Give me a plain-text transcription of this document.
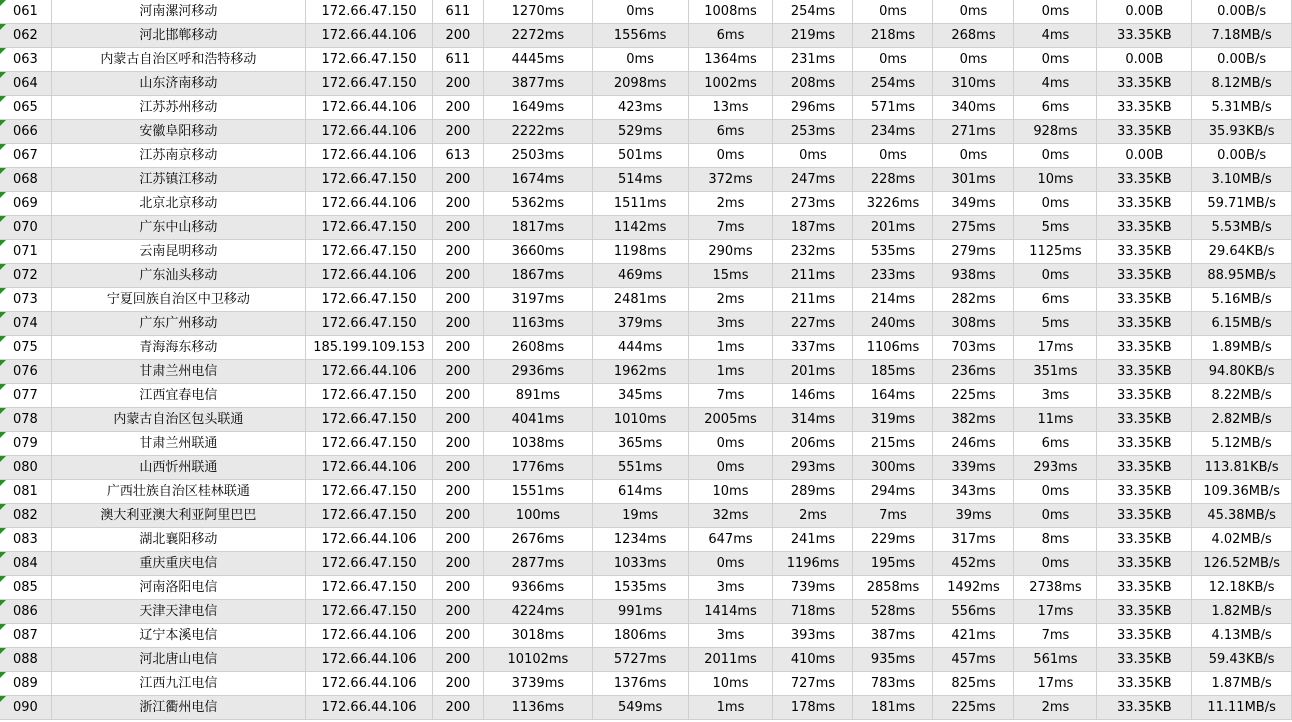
061	河南漯河移动	172.66.47.150	611	1270ms	0ms	1008ms	254ms	0ms	0ms	0ms	0.00B	0.00B/s
062	河北邯郸移动	172.66.44.106	200	2272ms	1556ms	6ms	219ms	218ms	268ms	4ms	33.35KB	7.18MB/s
063	内蒙古自治区呼和浩特移动	172.66.47.150	611	4445ms	0ms	1364ms	231ms	0ms	0ms	0ms	0.00B	0.00B/s
064	山东济南移动	172.66.47.150	200	3877ms	2098ms	1002ms	208ms	254ms	310ms	4ms	33.35KB	8.12MB/s
065	江苏苏州移动	172.66.44.106	200	1649ms	423ms	13ms	296ms	571ms	340ms	6ms	33.35KB	5.31MB/s
066	安徽阜阳移动	172.66.44.106	200	2222ms	529ms	6ms	253ms	234ms	271ms	928ms	33.35KB	35.93KB/s
067	江苏南京移动	172.66.44.106	613	2503ms	501ms	0ms	0ms	0ms	0ms	0ms	0.00B	0.00B/s
068	江苏镇江移动	172.66.47.150	200	1674ms	514ms	372ms	247ms	228ms	301ms	10ms	33.35KB	3.10MB/s
069	北京北京移动	172.66.44.106	200	5362ms	1511ms	2ms	273ms	3226ms	349ms	0ms	33.35KB	59.71MB/s
070	广东中山移动	172.66.47.150	200	1817ms	1142ms	7ms	187ms	201ms	275ms	5ms	33.35KB	5.53MB/s
071	云南昆明移动	172.66.47.150	200	3660ms	1198ms	290ms	232ms	535ms	279ms	1125ms	33.35KB	29.64KB/s
072	广东汕头移动	172.66.44.106	200	1867ms	469ms	15ms	211ms	233ms	938ms	0ms	33.35KB	88.95MB/s
073	宁夏回族自治区中卫移动	172.66.47.150	200	3197ms	2481ms	2ms	211ms	214ms	282ms	6ms	33.35KB	5.16MB/s
074	广东广州移动	172.66.47.150	200	1163ms	379ms	3ms	227ms	240ms	308ms	5ms	33.35KB	6.15MB/s
075	青海海东移动	185.199.109.153	200	2608ms	444ms	1ms	337ms	1106ms	703ms	17ms	33.35KB	1.89MB/s
076	甘肃兰州电信	172.66.44.106	200	2936ms	1962ms	1ms	201ms	185ms	236ms	351ms	33.35KB	94.80KB/s
077	江西宜春电信	172.66.47.150	200	891ms	345ms	7ms	146ms	164ms	225ms	3ms	33.35KB	8.22MB/s
078	内蒙古自治区包头联通	172.66.47.150	200	4041ms	1010ms	2005ms	314ms	319ms	382ms	11ms	33.35KB	2.82MB/s
079	甘肃兰州联通	172.66.47.150	200	1038ms	365ms	0ms	206ms	215ms	246ms	6ms	33.35KB	5.12MB/s
080	山西忻州联通	172.66.44.106	200	1776ms	551ms	0ms	293ms	300ms	339ms	293ms	33.35KB	113.81KB/s
081	广西壮族自治区桂林联通	172.66.47.150	200	1551ms	614ms	10ms	289ms	294ms	343ms	0ms	33.35KB	109.36MB/s
082	澳大利亚澳大利亚阿里巴巴	172.66.47.150	200	100ms	19ms	32ms	2ms	7ms	39ms	0ms	33.35KB	45.38MB/s
083	湖北襄阳移动	172.66.44.106	200	2676ms	1234ms	647ms	241ms	229ms	317ms	8ms	33.35KB	4.02MB/s
084	重庆重庆电信	172.66.47.150	200	2877ms	1033ms	0ms	1196ms	195ms	452ms	0ms	33.35KB	126.52MB/s
085	河南洛阳电信	172.66.47.150	200	9366ms	1535ms	3ms	739ms	2858ms	1492ms	2738ms	33.35KB	12.18KB/s
086	天津天津电信	172.66.47.150	200	4224ms	991ms	1414ms	718ms	528ms	556ms	17ms	33.35KB	1.82MB/s
087	辽宁本溪电信	172.66.44.106	200	3018ms	1806ms	3ms	393ms	387ms	421ms	7ms	33.35KB	4.13MB/s
088	河北唐山电信	172.66.44.106	200	10102ms	5727ms	2011ms	410ms	935ms	457ms	561ms	33.35KB	59.43KB/s
089	江西九江电信	172.66.44.106	200	3739ms	1376ms	10ms	727ms	783ms	825ms	17ms	33.35KB	1.87MB/s
090	浙江衢州电信	172.66.44.106	200	1136ms	549ms	1ms	178ms	181ms	225ms	2ms	33.35KB	11.11MB/s
